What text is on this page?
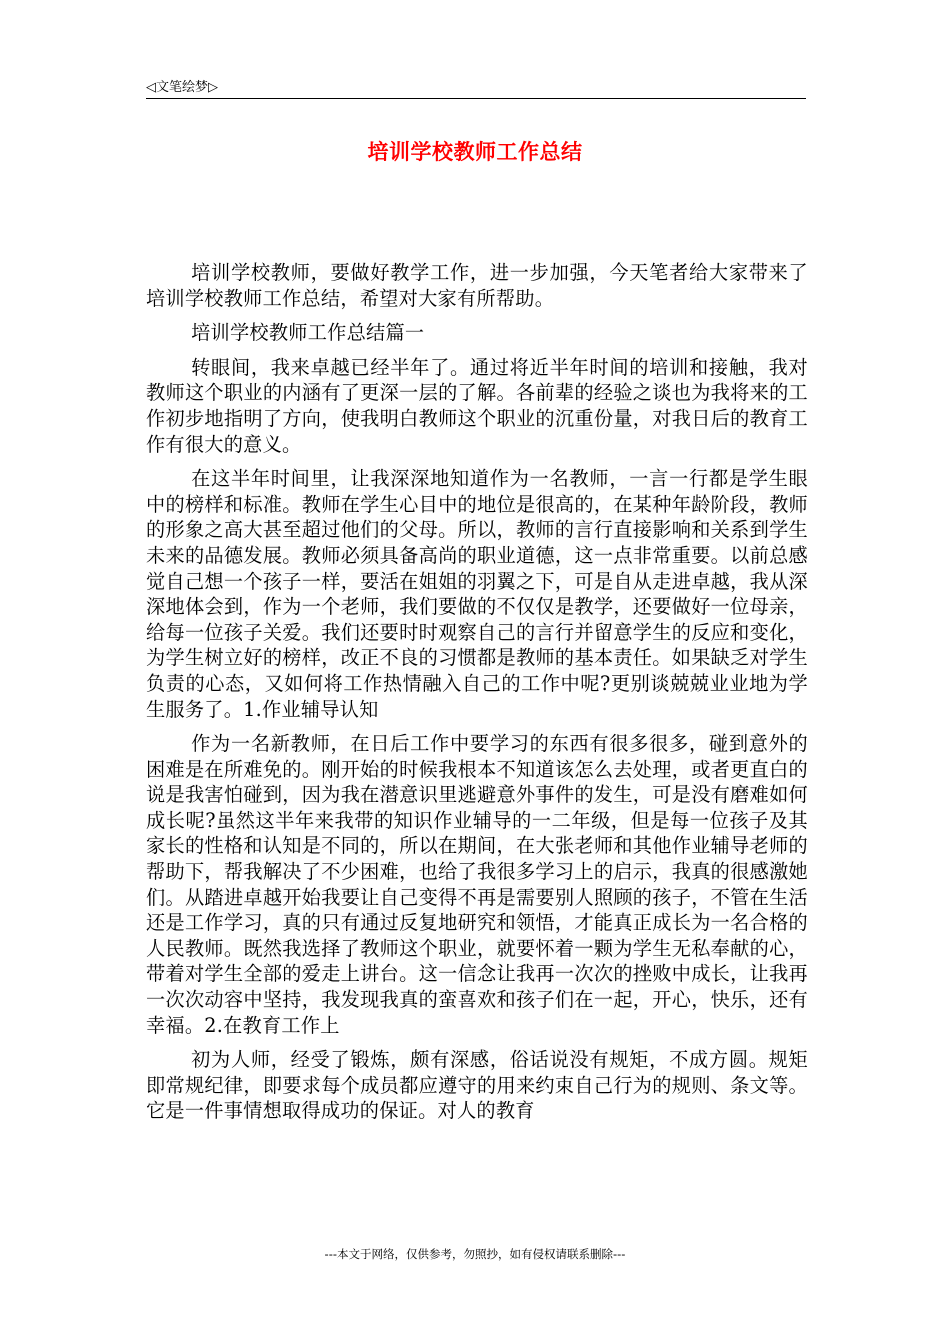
◁文笔绘梦▷
培训学校教师工作总结

培训学校教师，要做好教学工作，进一步加强，今天笔者给大家带来了培训学校教师工作总结，希望对大家有所帮助。

培训学校教师工作总结篇一

转眼间，我来卓越已经半年了。通过将近半年时间的培训和接触，我对教师这个职业的内涵有了更深一层的了解。各前辈的经验之谈也为我将来的工作初步地指明了方向，使我明白教师这个职业的沉重份量，对我日后的教育工作有很大的意义。

在这半年时间里，让我深深地知道作为一名教师，一言一行都是学生眼中的榜样和标准。教师在学生心目中的地位是很高的，在某种年龄阶段，教师的形象之高大甚至超过他们的父母。所以，教师的言行直接影响和关系到学生未来的品德发展。教师必须具备高尚的职业道德，这一点非常重要。以前总感觉自己想一个孩子一样，要活在姐姐的羽翼之下，可是自从走进卓越，我从深深地体会到，作为一个老师，我们要做的不仅仅是教学，还要做好一位母亲，给每一位孩子关爱。我们还要时时观察自己的言行并留意学生的反应和变化，为学生树立好的榜样，改正不良的习惯都是教师的基本责任。如果缺乏对学生负责的心态，又如何将工作热情融入自己的工作中呢?更别谈兢兢业业地为学生服务了。1.作业辅导认知

作为一名新教师，在日后工作中要学习的东西有很多很多，碰到意外的困难是在所难免的。刚开始的时候我根本不知道该怎么去处理，或者更直白的说是我害怕碰到，因为我在潜意识里逃避意外事件的发生，可是没有磨难如何成长呢?虽然这半年来我带的知识作业辅导的一二年级，但是每一位孩子及其家长的性格和认知是不同的，所以在期间，在大张老师和其他作业辅导老师的帮助下，帮我解决了不少困难，也给了我很多学习上的启示，我真的很感激她们。从踏进卓越开始我要让自己变得不再是需要别人照顾的孩子，不管在生活还是工作学习，真的只有通过反复地研究和领悟，才能真正成长为一名合格的人民教师。既然我选择了教师这个职业，就要怀着一颗为学生无私奉献的心，带着对学生全部的爱走上讲台。这一信念让我再一次次的挫败中成长，让我再一次次动容中坚持，我发现我真的蛮喜欢和孩子们在一起，开心，快乐，还有幸福。2.在教育工作上

初为人师，经受了锻炼，颇有深感，俗话说没有规矩，不成方圆。规矩即常规纪律，即要求每个成员都应遵守的用来约束自己行为的规则、条文等。它是一件事情想取得成功的保证。对人的教育

---本文于网络，仅供参考，勿照抄，如有侵权请联系删除---
